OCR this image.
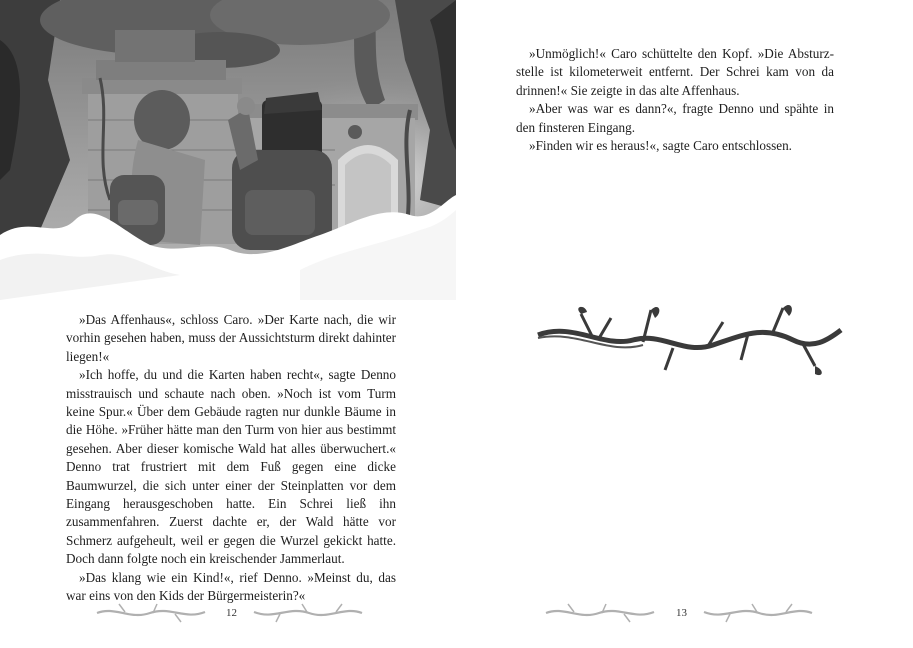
»Das Affenhaus«, schloss Caro. »Der Karte nach, die wir vorhin gesehen haben, muss der Aussichtsturm direkt dahinter liegen!«

»Ich hoffe, du und die Karten haben recht«, sagte Denno misstrauisch und schaute nach oben. »Noch ist vom Turm keine Spur.« Über dem Gebäude ragten nur dunkle Bäume in die Höhe. »Früher hätte man den Turm von hier aus bestimmt gesehen. Aber dieser komische Wald hat alles überwuchert.« Denno trat frustriert mit dem Fuß gegen eine dicke Baumwurzel, die sich unter einer der Steinplatten vor dem Eingang herausgeschoben hatte. Ein Schrei ließ ihn zusammenfahren. Zuerst dachte er, der Wald hätte vor Schmerz aufgeheult, weil er gegen die Wurzel gekickt hatte. Doch dann folgte noch ein kreischender Jammerlaut.

»Das klang wie ein Kind!«, rief Denno. »Meinst du, das war eins von den Kids der Bürgermeisterin?«

12

»Unmöglich!« Caro schüttelte den Kopf. »Die Absturzstelle ist kilometerweit entfernt. Der Schrei kam von da drinnen!« Sie zeigte in das alte Affenhaus.

»Aber was war es dann?«, fragte Denno und spähte in den finsteren Eingang.

»Finden wir es heraus!«, sagte Caro entschlossen.

13
